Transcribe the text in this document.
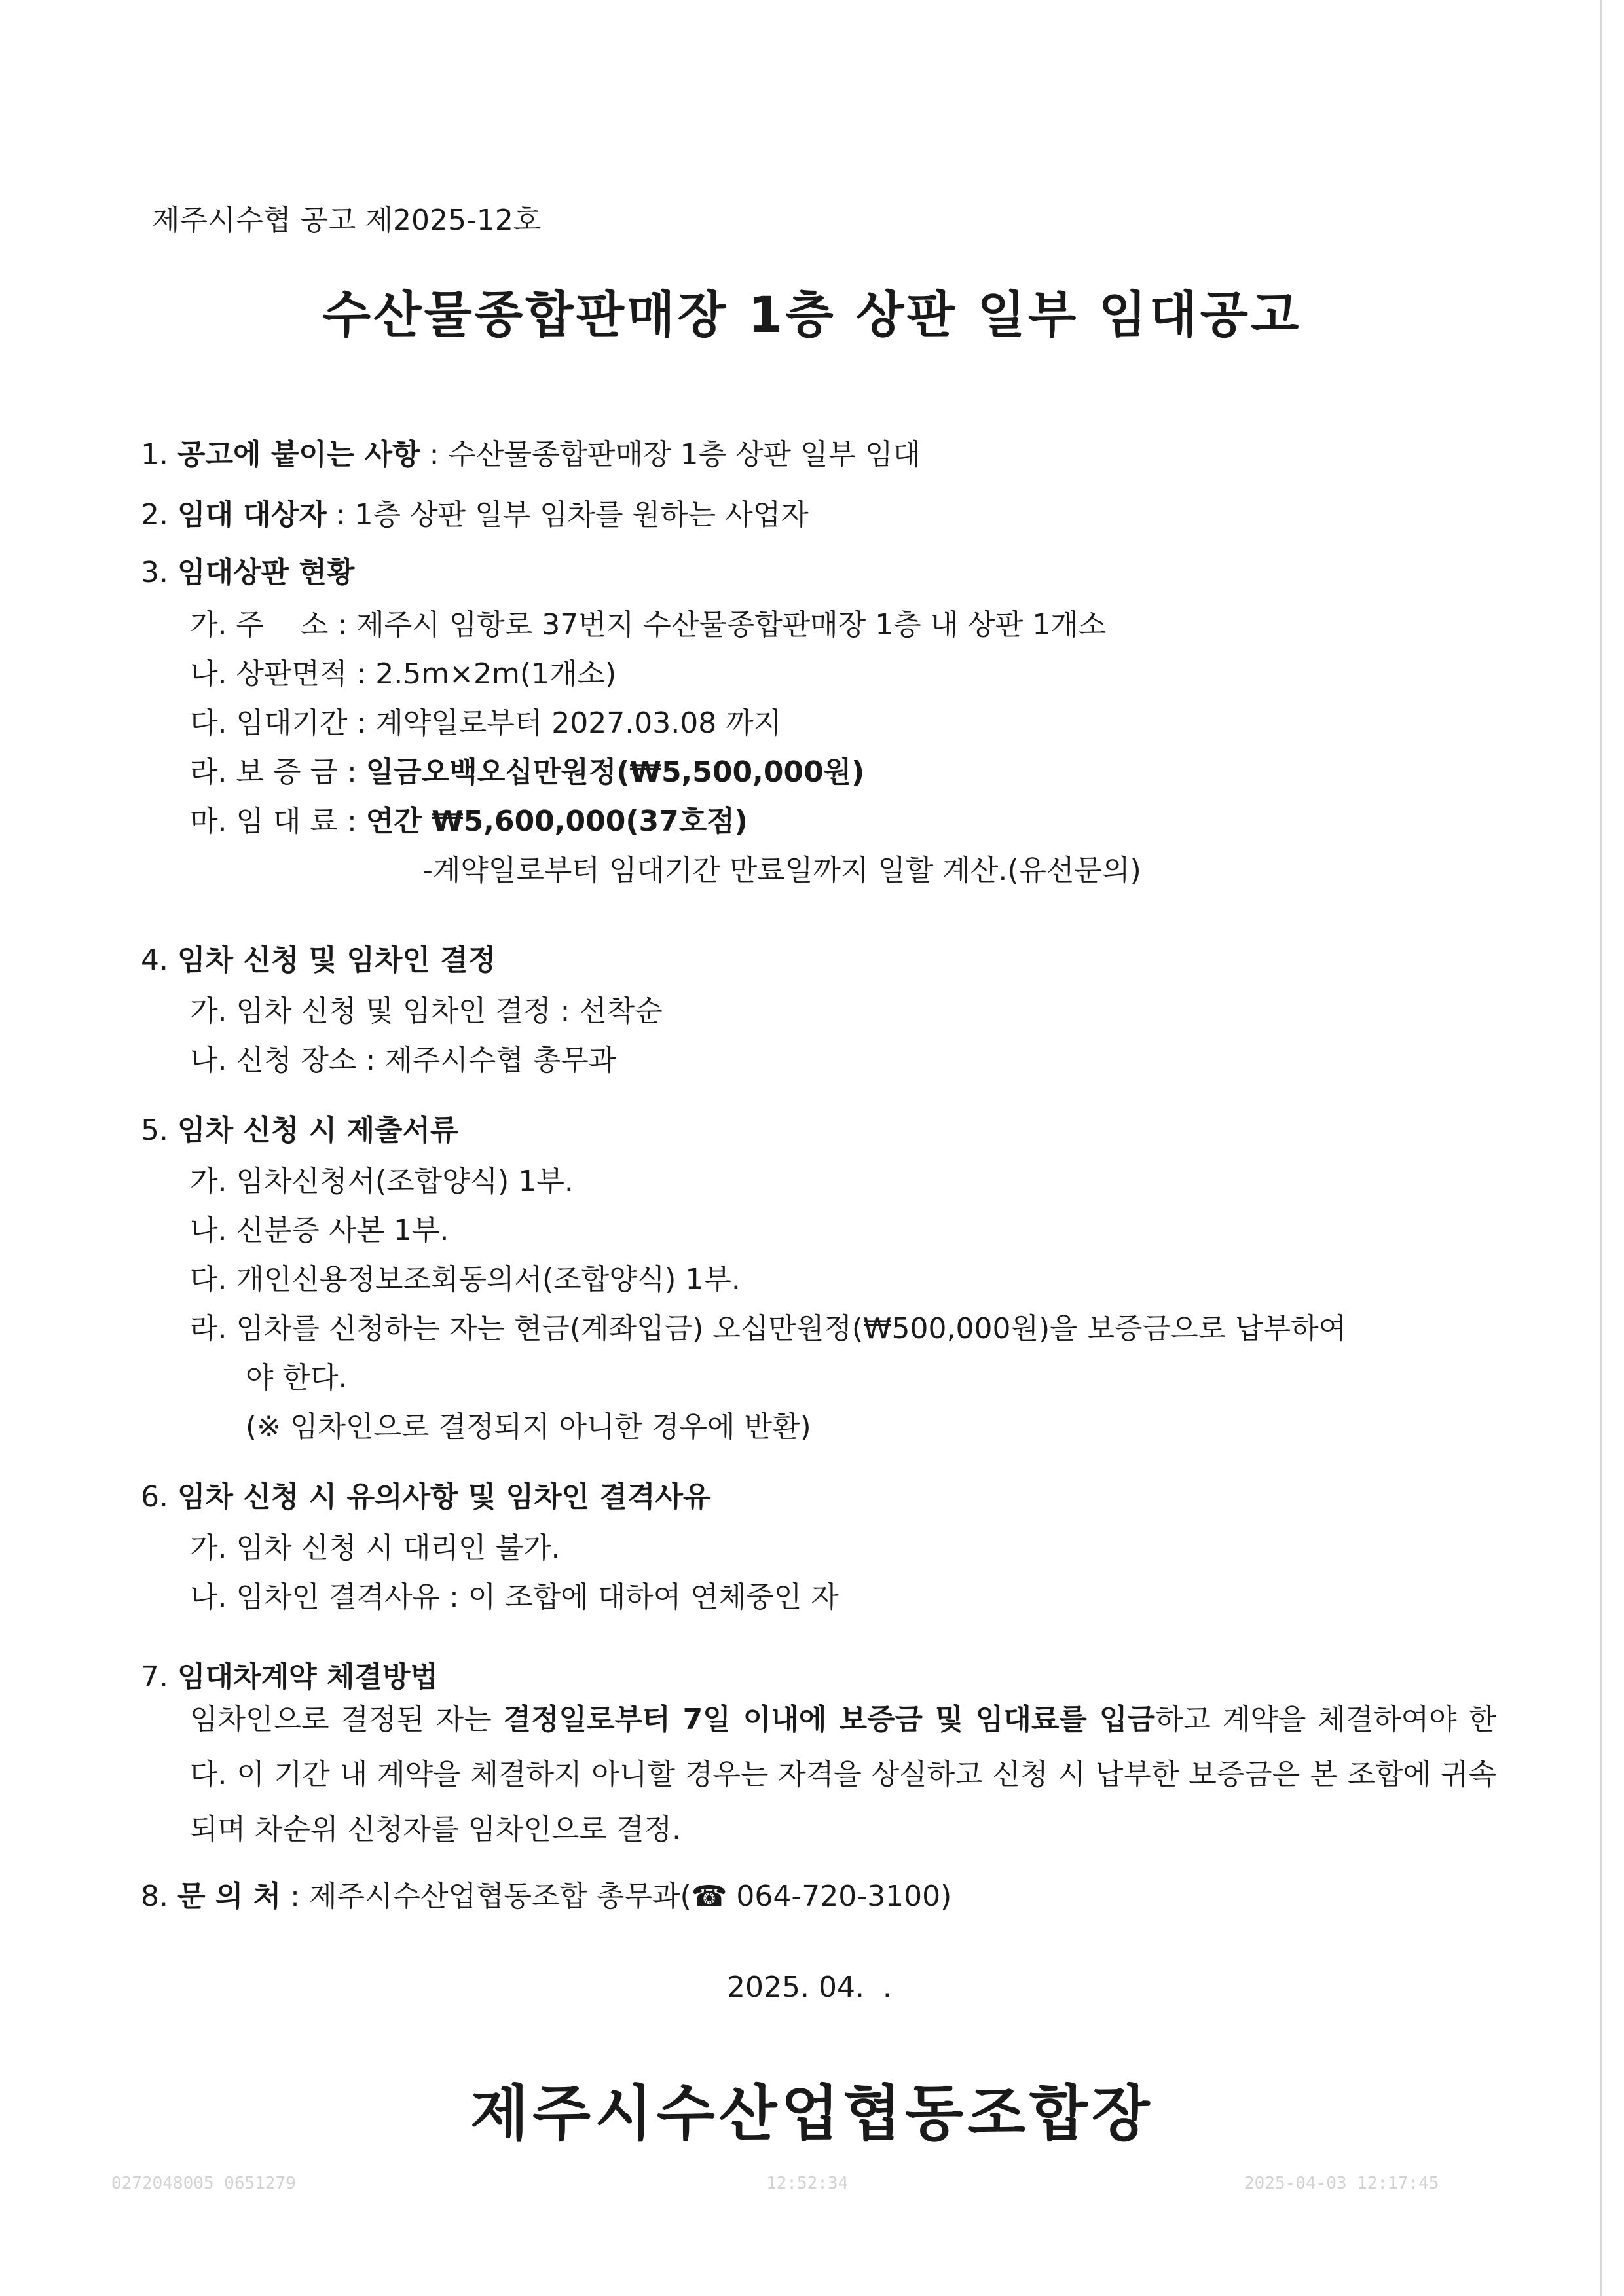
제주시수협 공고 제2025-12호
수산물종합판매장 1층 상판 일부 임대공고
1. 공고에 붙이는 사항 : 수산물종합판매장 1층 상판 일부 임대
2. 임대 대상자 : 1층 상판 일부 임차를 원하는 사업자
3. 임대상판 현황
가. 주    소 : 제주시 임항로 37번지 수산물종합판매장 1층 내 상판 1개소
나. 상판면적 : 2.5m×2m(1개소)
다. 임대기간 : 계약일로부터 2027.03.08 까지
라. 보 증 금 : 일금오백오십만원정(₩5,500,000원)
마. 임 대 료 : 연간 ₩5,600,000(37호점)
-계약일로부터 임대기간 만료일까지 일할 계산.(유선문의)
4. 임차 신청 및 임차인 결정
가. 임차 신청 및 임차인 결정 : 선착순
나. 신청 장소 : 제주시수협 총무과
5. 임차 신청 시 제출서류
가. 임차신청서(조합양식) 1부.
나. 신분증 사본 1부.
다. 개인신용정보조회동의서(조합양식) 1부.
라. 임차를 신청하는 자는 현금(계좌입금) 오십만원정(₩500,000원)을 보증금으로 납부하여
야 한다.
(※ 임차인으로 결정되지 아니한 경우에 반환)
6. 임차 신청 시 유의사항 및 임차인 결격사유
가. 임차 신청 시 대리인 불가.
나. 임차인 결격사유 : 이 조합에 대하여 연체중인 자
7. 임대차계약 체결방법
임차인으로 결정된 자는 결정일로부터 7일 이내에 보증금 및 임대료를 입금하고 계약을 체결하여야 한다. 이 기간 내 계약을 체결하지 아니할 경우는 자격을 상실하고 신청 시 납부한 보증금은 본 조합에 귀속되며 차순위 신청자를 임차인으로 결정.
8. 문 의 처 : 제주시수산업협동조합 총무과(☎ 064-720-3100)
2025. 04.  .
제주시수산업협동조합장
0272048005 0651279	12:52:34	2025-04-03 12:17:45
